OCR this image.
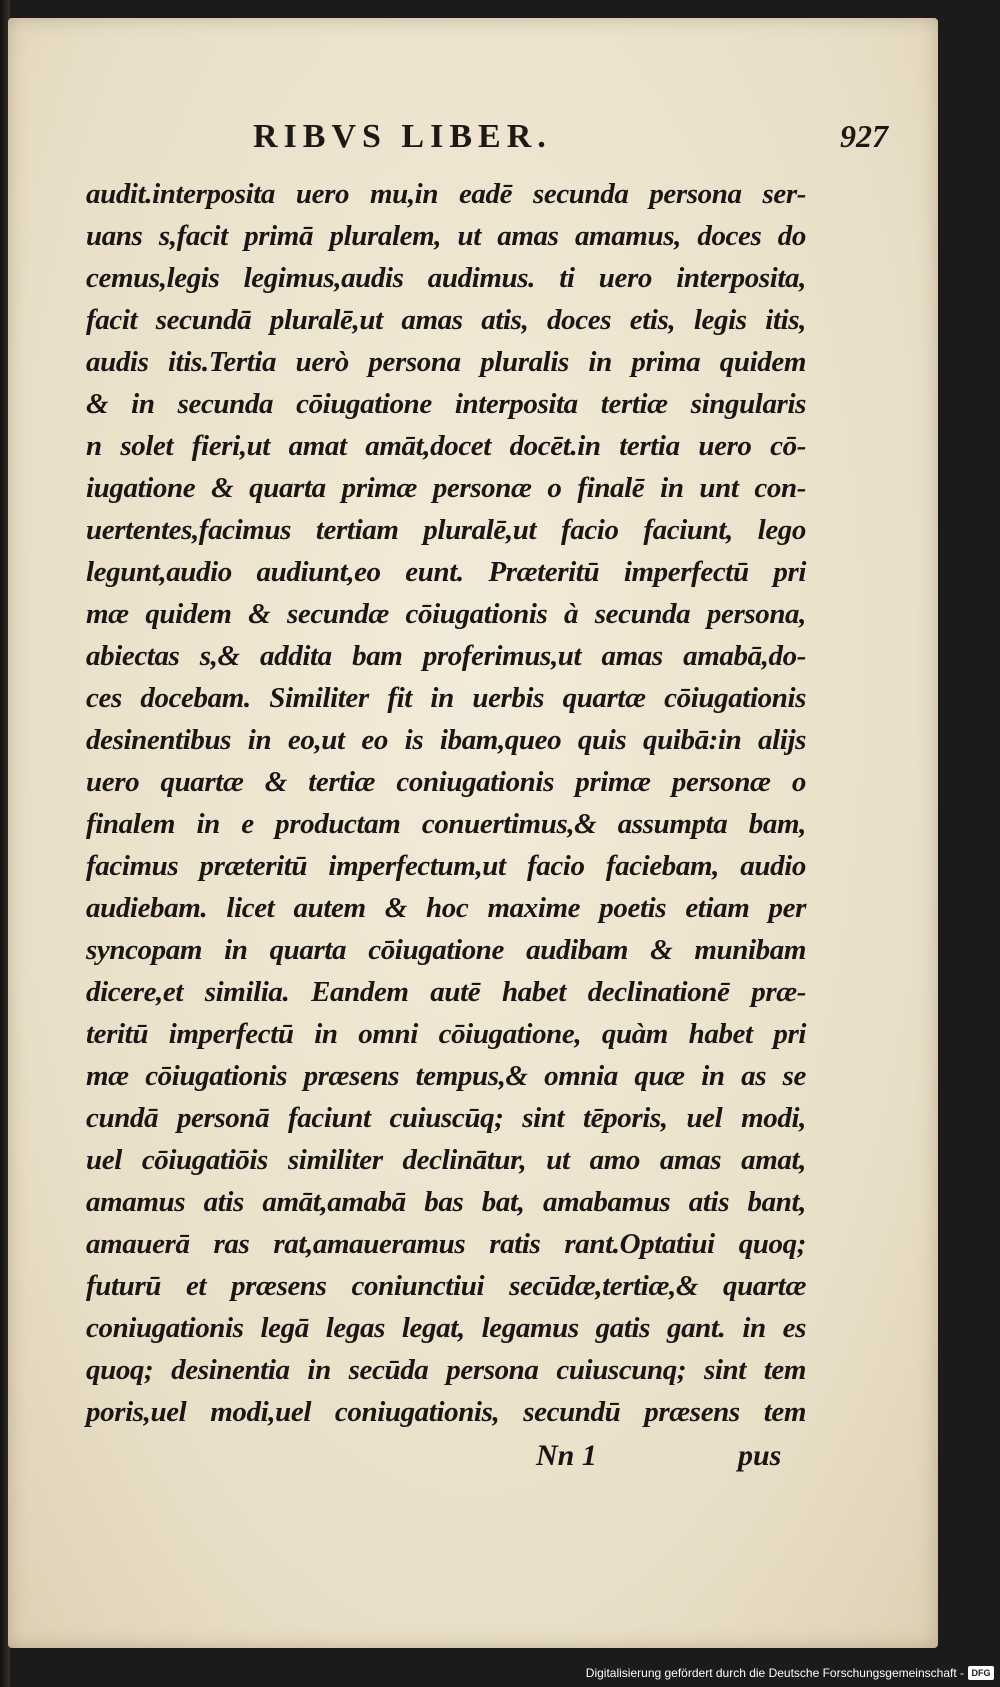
RIBVS LIBER.	927
audit.interposita uero mu,in eadē secunda persona ser-
uans s,facit primā pluralem, ut amas amamus, doces do
cemus,legis legimus,audis audimus. ti uero interposita,
facit secundā pluralē,ut amas atis, doces etis, legis itis,
audis itis.Tertia uerò persona pluralis in prima quidem
& in secunda cōiugatione interposita tertiæ singularis
n solet fieri,ut amat amāt,docet docēt.in tertia uero cō-
iugatione & quarta primæ personæ o finalē in unt con-
uertentes,facimus tertiam pluralē,ut facio faciunt, lego
legunt,audio audiunt,eo eunt. Præteritū imperfectū pri
mæ quidem & secundæ cōiugationis à secunda persona,
abiectas s,& addita bam proferimus,ut amas amabā,do-
ces docebam. Similiter fit in uerbis quartæ cōiugationis
desinentibus in eo,ut eo is ibam,queo quis quibā:in alijs
uero quartæ & tertiæ coniugationis primæ personæ o
finalem in e productam conuertimus,& assumpta bam,
facimus præteritū imperfectum,ut facio faciebam, audio
audiebam. licet autem & hoc maxime poetis etiam per
syncopam in quarta cōiugatione audibam & munibam
dicere,et similia. Eandem autē habet declinationē præ-
teritū imperfectū in omni cōiugatione, quàm habet pri
mæ cōiugationis præsens tempus,& omnia quæ in as se
cundā personā faciunt cuiuscūq; sint tēporis, uel modi,
uel cōiugatiōis similiter declinātur, ut amo amas amat,
amamus atis amāt,amabā bas bat, amabamus atis bant,
amauerā ras rat,amaueramus ratis rant.Optatiui quoq;
futurū et præsens coniunctiui secūdæ,tertiæ,& quartæ
coniugationis legā legas legat, legamus gatis gant. in es
quoq; desinentia in secūda persona cuiuscunq; sint tem
poris,uel modi,uel coniugationis, secundū præsens tem
Nn 1	pus
Digitalisierung gefördert durch die Deutsche Forschungsgemeinschaft - DFG
